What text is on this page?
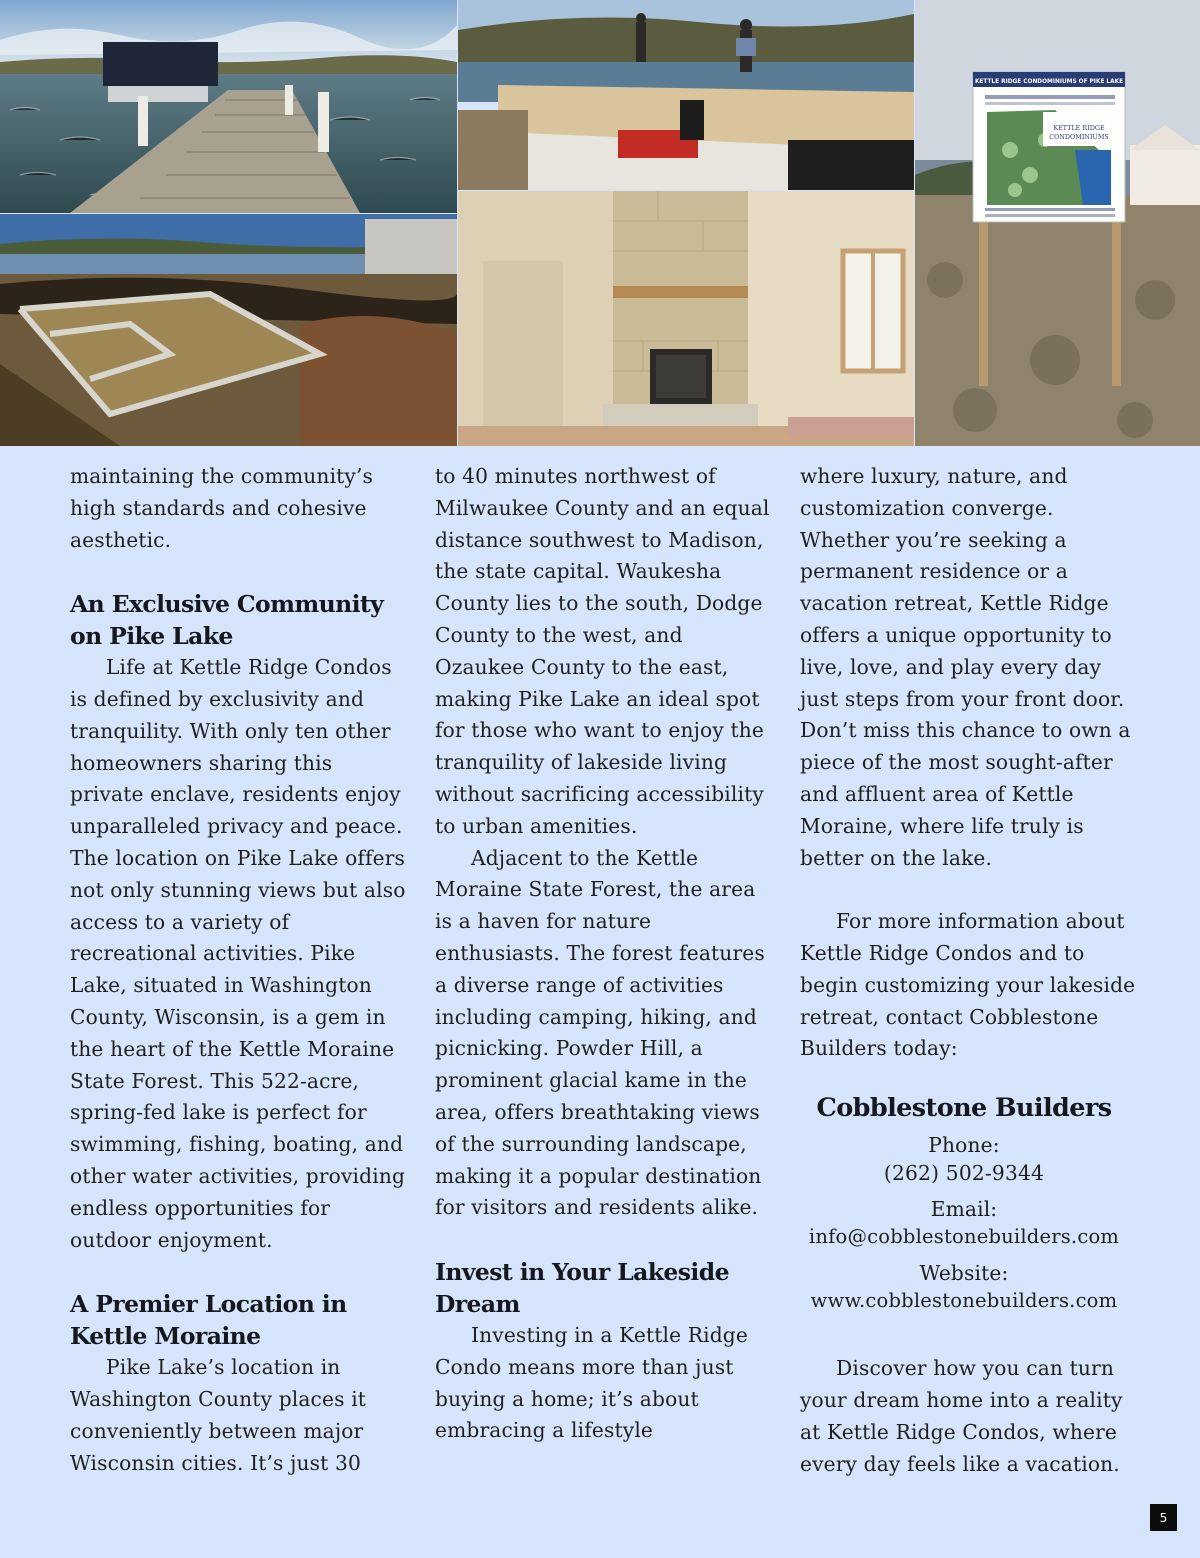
KETTLE RIDGE CONDOMINIUMS OF PIKE LAKE
KETTLE RIDGE
CONDOMINIUMS

maintaining the community’s high standards and cohesive aesthetic.

An Exclusive Community on Pike Lake

Life at Kettle Ridge Condos is defined by exclusivity and tranquility. With only ten other homeowners sharing this private enclave, residents enjoy unparalleled privacy and peace. The location on Pike Lake offers not only stunning views but also access to a variety of recreational activities. Pike Lake, situated in Washington County, Wisconsin, is a gem in the heart of the Kettle Moraine State Forest. This 522-acre, spring-fed lake is perfect for swimming, fishing, boating, and other water activities, providing endless opportunities for outdoor enjoyment.

A Premier Location in Kettle Moraine

Pike Lake’s location in Washington County places it conveniently between major Wisconsin cities. It’s just 30

to 40 minutes northwest of Milwaukee County and an equal distance southwest to Madison, the state capital. Waukesha County lies to the south, Dodge County to the west, and Ozaukee County to the east, making Pike Lake an ideal spot for those who want to enjoy the tranquility of lakeside living without sacrificing accessibility to urban amenities.

Adjacent to the Kettle Moraine State Forest, the area is a haven for nature enthusiasts. The forest features a diverse range of activities including camping, hiking, and picnicking. Powder Hill, a prominent glacial kame in the area, offers breathtaking views of the surrounding landscape, making it a popular destination for visitors and residents alike.

Invest in Your Lakeside Dream

Investing in a Kettle Ridge Condo means more than just buying a home; it’s about embracing a lifestyle

where luxury, nature, and customization converge. Whether you’re seeking a permanent residence or a vacation retreat, Kettle Ridge offers a unique opportunity to live, love, and play every day just steps from your front door. Don’t miss this chance to own a piece of the most sought-after and affluent area of Kettle Moraine, where life truly is better on the lake.

For more information about Kettle Ridge Condos and to begin customizing your lakeside retreat, contact Cobblestone Builders today:

Cobblestone Builders
Phone:
(262) 502-9344
Email:
info@cobblestonebuilders.com
Website:
www.cobblestonebuilders.com

Discover how you can turn your dream home into a reality at Kettle Ridge Condos, where every day feels like a vacation.

5
